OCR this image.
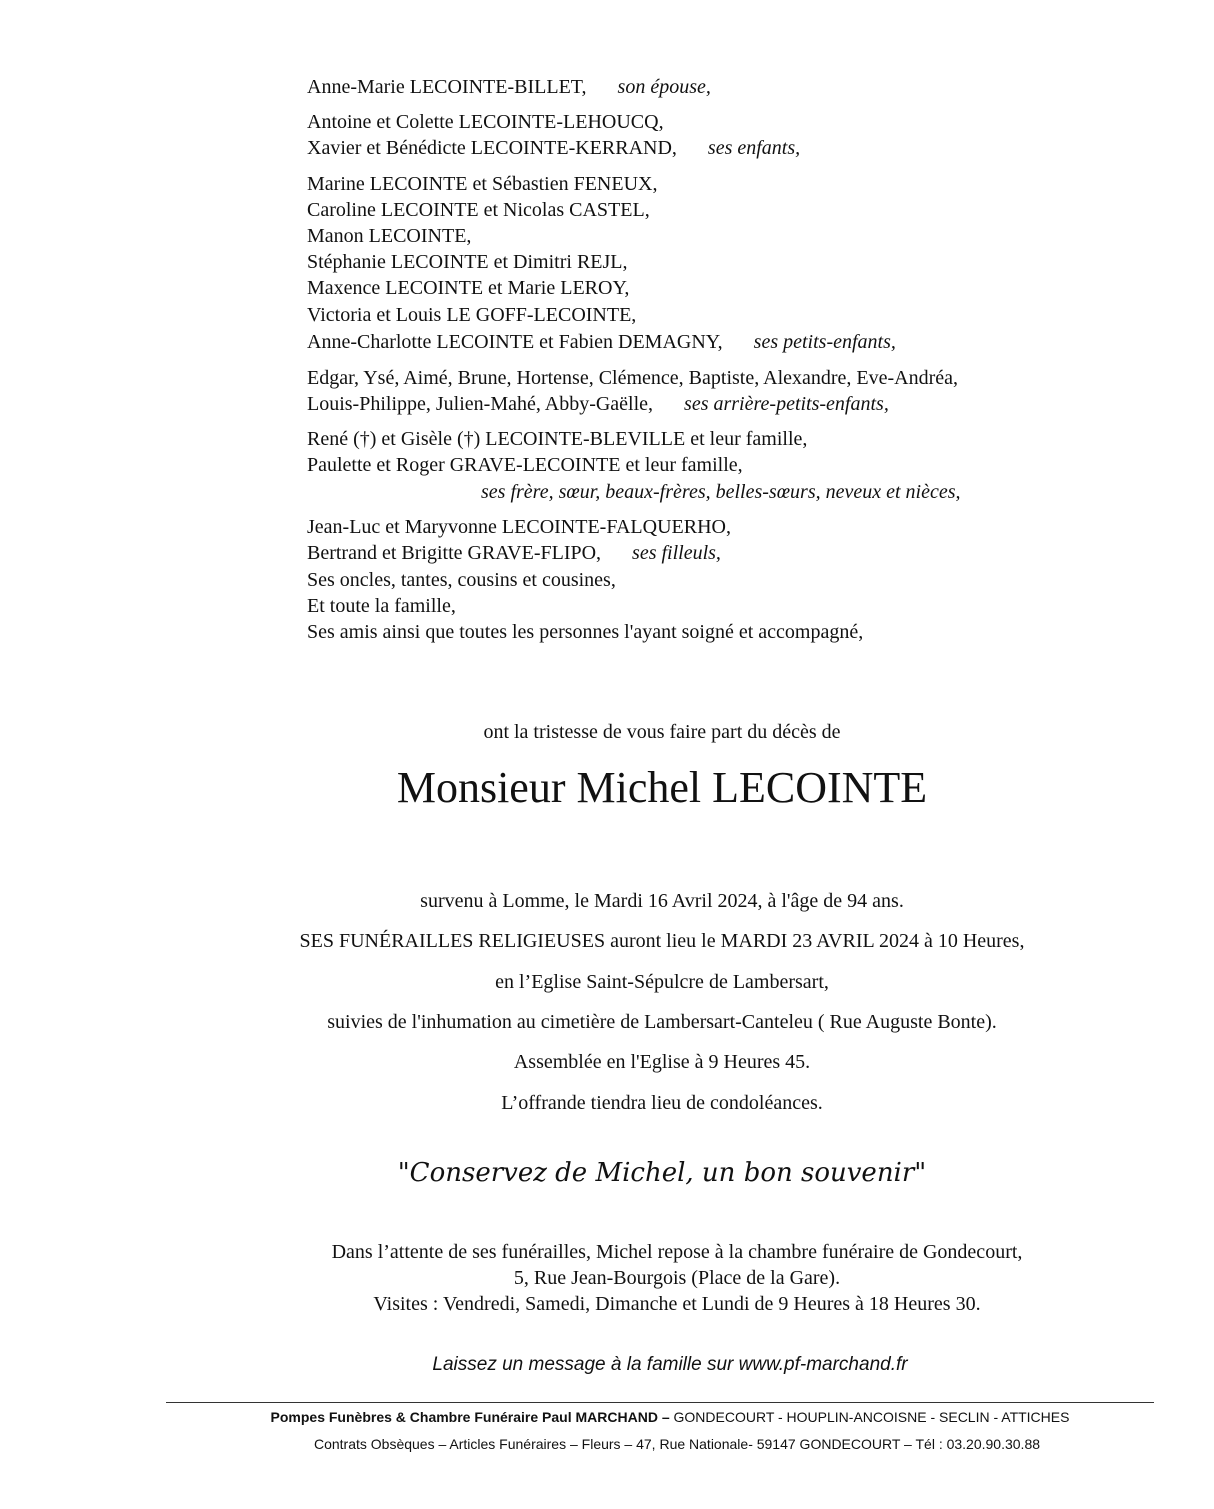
Anne-Marie LECOINTE-BILLET, son épouse,
Antoine et Colette LECOINTE-LEHOUCQ,
Xavier et Bénédicte LECOINTE-KERRAND, ses enfants,
Marine LECOINTE et Sébastien FENEUX,
Caroline LECOINTE et Nicolas CASTEL,
Manon LECOINTE,
Stéphanie LECOINTE et Dimitri REJL,
Maxence LECOINTE et Marie LEROY,
Victoria et Louis LE GOFF-LECOINTE,
Anne-Charlotte LECOINTE et Fabien DEMAGNY, ses petits-enfants,
Edgar, Ysé, Aimé, Brune, Hortense, Clémence, Baptiste, Alexandre, Eve-Andréa,
Louis-Philippe, Julien-Mahé, Abby-Gaëlle, ses arrière-petits-enfants,
René (†) et Gisèle (†) LECOINTE-BLEVILLE et leur famille,
Paulette et Roger GRAVE-LECOINTE et leur famille,
ses frère, sœur, beaux-frères, belles-sœurs, neveux et nièces,
Jean-Luc et Maryvonne LECOINTE-FALQUERHO,
Bertrand et Brigitte GRAVE-FLIPO, ses filleuls,
Ses oncles, tantes, cousins et cousines,
Et toute la famille,
Ses amis ainsi que toutes les personnes l'ayant soigné et accompagné,
ont la tristesse de vous faire part du décès de
Monsieur Michel LECOINTE
survenu à Lomme, le Mardi 16 Avril 2024, à l'âge de 94 ans.
SES FUNÉRAILLES RELIGIEUSES auront lieu le MARDI 23 AVRIL 2024 à 10 Heures,
en l’Eglise Saint-Sépulcre de Lambersart,
suivies de l'inhumation au cimetière de Lambersart-Canteleu ( Rue Auguste Bonte).
Assemblée en l'Eglise à 9 Heures 45.
L’offrande tiendra lieu de condoléances.
"Conservez de Michel, un bon souvenir"
Dans l’attente de ses funérailles, Michel repose à la chambre funéraire de Gondecourt,
5, Rue Jean-Bourgois (Place de la Gare).
Visites : Vendredi, Samedi, Dimanche et Lundi de 9 Heures à 18 Heures 30.
Laissez un message à la famille sur www.pf-marchand.fr
Pompes Funèbres & Chambre Funéraire Paul MARCHAND – GONDECOURT - HOUPLIN-ANCOISNE - SECLIN - ATTICHES
Contrats Obsèques – Articles Funéraires – Fleurs – 47, Rue Nationale- 59147 GONDECOURT – Tél : 03.20.90.30.88
